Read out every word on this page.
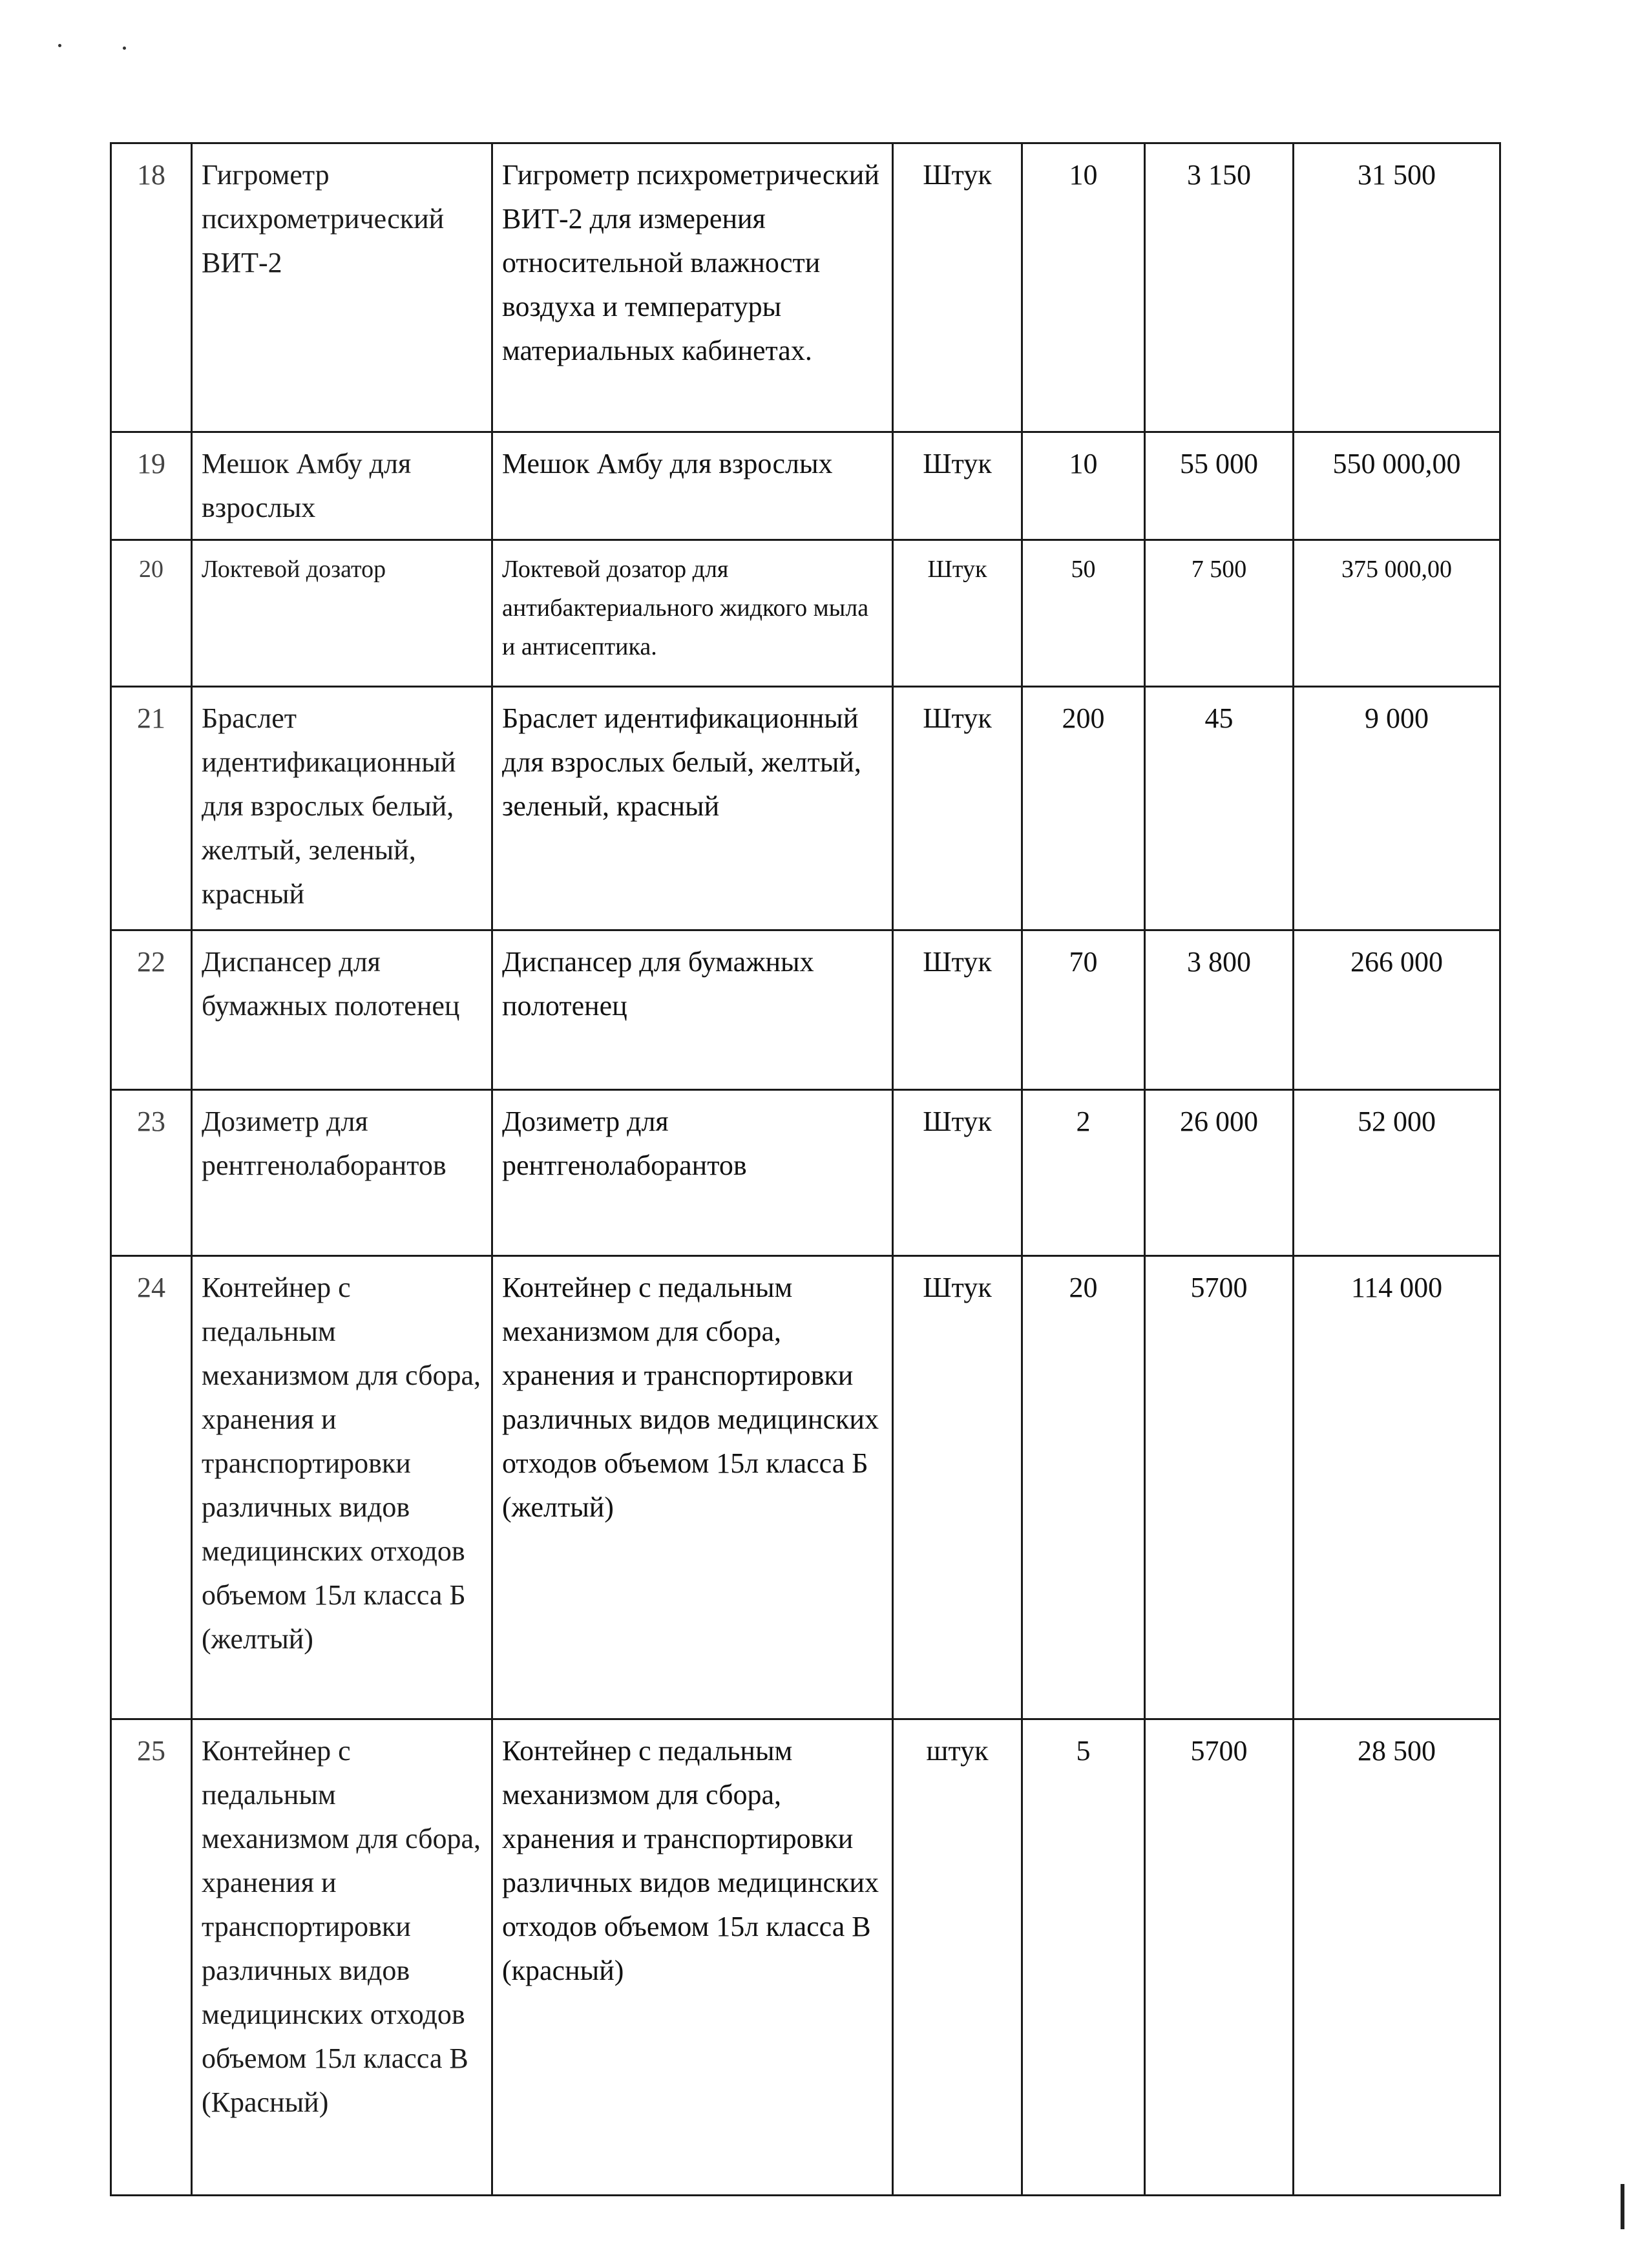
18	Гигрометр психрометрический ВИТ-2	Гигрометр психрометрический ВИТ-2 для измерения относительной влажности воздуха и температуры материальных кабинетах.	Штук	10	3 150	31 500
19	Мешок Амбу для взрослых	Мешок Амбу для взрослых	Штук	10	55 000	550 000,00
20	Локтевой дозатор	Локтевой дозатор для антибактериального жидкого мыла и антисептика.	Штук	50	7 500	375 000,00
21	Браслет идентификационный для взрослых белый, желтый, зеленый, красный	Браслет идентификационный для взрослых белый, желтый, зеленый, красный	Штук	200	45	9 000
22	Диспансер для бумажных полотенец	Диспансер для бумажных полотенец	Штук	70	3 800	266 000
23	Дозиметр для рентгенолаборантов	Дозиметр для рентгенолаборантов	Штук	2	26 000	52 000
24	Контейнер с педальным механизмом для сбора, хранения и транспортировки различных видов медицинских отходов объемом 15л класса Б (желтый)	Контейнер с педальным механизмом для сбора, хранения и транспортировки различных видов медицинских отходов объемом 15л класса Б (желтый)	Штук	20	5700	114 000
25	Контейнер с педальным механизмом для сбора, хранения и транспортировки различных видов медицинских отходов объемом 15л класса В (Красный)	Контейнер с педальным механизмом для сбора, хранения и транспортировки различных видов медицинских отходов объемом 15л класса В (красный)	штук	5	5700	28 500
